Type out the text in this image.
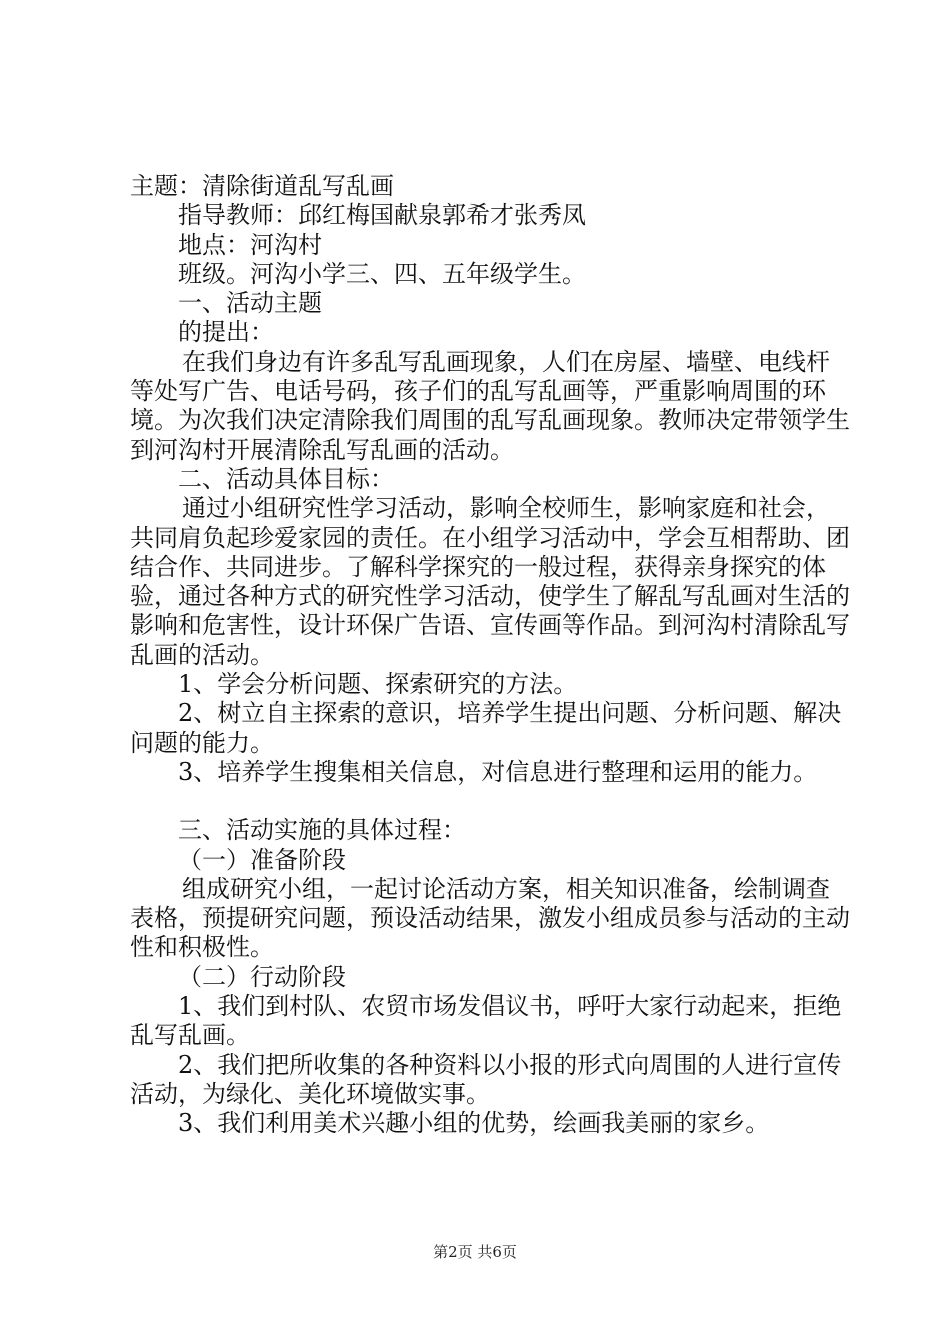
主题：清除街道乱写乱画

指导教师：邱红梅国献泉郭希才张秀凤

地点：河沟村

班级。河沟小学三、四、五年级学生。

一、活动主题

的提出：

在我们身边有许多乱写乱画现象，人们在房屋、墙壁、电线杆等处写广告、电话号码，孩子们的乱写乱画等，严重影响周围的环境。为次我们决定清除我们周围的乱写乱画现象。教师决定带领学生到河沟村开展清除乱写乱画的活动。

二、活动具体目标：

通过小组研究性学习活动，影响全校师生，影响家庭和社会，共同肩负起珍爱家园的责任。在小组学习活动中，学会互相帮助、团结合作、共同进步。了解科学探究的一般过程，获得亲身探究的体验，通过各种方式的研究性学习活动，使学生了解乱写乱画对生活的影响和危害性，设计环保广告语、宣传画等作品。到河沟村清除乱写乱画的活动。

1、学会分析问题、探索研究的方法。

2、树立自主探索的意识，培养学生提出问题、分析问题、解决问题的能力。

3、培养学生搜集相关信息，对信息进行整理和运用的能力。

三、活动实施的具体过程：

（一）准备阶段

组成研究小组，一起讨论活动方案，相关知识准备，绘制调查表格，预提研究问题，预设活动结果，激发小组成员参与活动的主动性和积极性。

（二）行动阶段

1、我们到村队、农贸市场发倡议书，呼吁大家行动起来，拒绝乱写乱画。

2、我们把所收集的各种资料以小报的形式向周围的人进行宣传活动，为绿化、美化环境做实事。

3、我们利用美术兴趣小组的优势，绘画我美丽的家乡。

第2页 共6页
